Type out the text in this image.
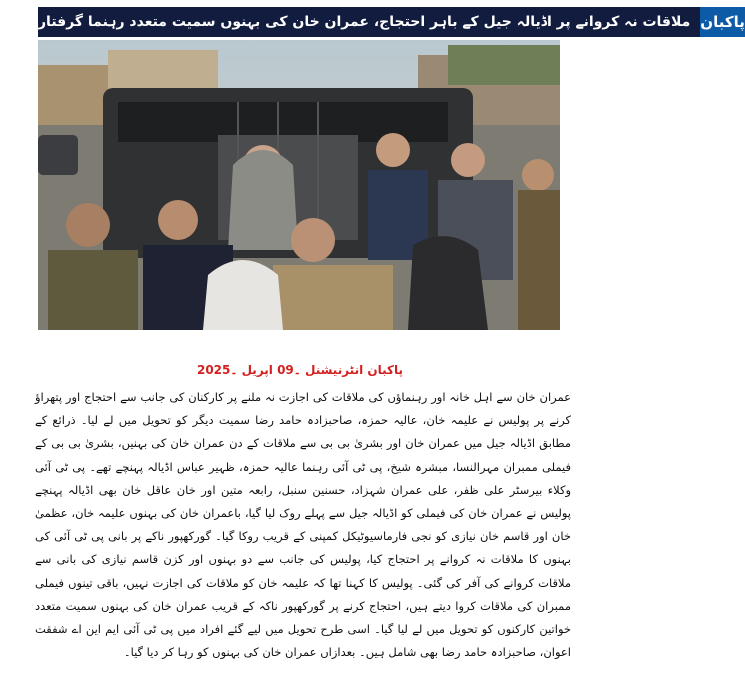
ملاقات نہ کروانے پر اڈیالہ جیل کے باہر احتجاج، عمران خان کی بہنوں سمیت متعدد رہنما گرفتار پاکبان
پاکبان انٹرنیشنل ۔09 اپریل ۔2025
عمران خان سے اہل خانہ اور رہنماؤں کی ملاقات کی اجازت نہ ملنے پر کارکنان کی جانب سے احتجاج اور پتھراؤ کرنے پر پولیس نے علیمہ خان، عالیہ حمزہ، صاحبزادہ حامد رضا سمیت دیگر کو تحویل میں لے لیا۔ ذرائع کے مطابق اڈیالہ جیل میں عمران خان اور بشریٰ بی بی سے ملاقات کے دن عمران خان کی بہنیں، بشریٰ بی بی کے فیملی ممبران مہرالنسا، مبشرہ شیخ، پی ٹی آئی رہنما عالیہ حمزہ، ظہیر عباس اڈیالہ پہنچے تھے۔ پی ٹی آئی وکلاء بیرسٹر علی ظفر، علی عمران شہزاد، حسنین سنبل، رابعہ متین اور خان عاقل خان بھی اڈیالہ پہنچے پولیس نے عمران خان کی فیملی کو اڈیالہ جیل سے پہلے روک لیا گیا، باعمران خان کی بہنوں علیمہ خان، عظمیٰ خان اور قاسم خان نیازی کو نجی فارماسیوٹیکل کمپنی کے قریب روکا گیا۔ گورکھپور ناکے پر بانی پی ٹی آئی کی بہنوں کا ملاقات نہ کروانے پر احتجاج کیا، پولیس کی جانب سے دو بہنوں اور کزن قاسم نیازی کی بانی سے ملاقات کروانے کی آفر کی گئی۔ پولیس کا کہنا تھا کہ علیمہ خان کو ملاقات کی اجازت نہیں، باقی تینوں فیملی ممبران کی ملاقات کروا دیتے ہیں، احتجاج کرنے پر گورکھپور ناکہ کے قریب عمران خان کی بہنوں سمیت متعدد خواتین کارکنوں کو تحویل میں لے لیا گیا۔ اسی طرح تحویل میں لیے گئے افراد میں پی ٹی آئی ایم این اے شفقت اعوان، صاحبزادہ حامد رضا بھی شامل ہیں۔ بعدازاں عمران خان کی بہنوں کو رہا کر دیا گیا۔
